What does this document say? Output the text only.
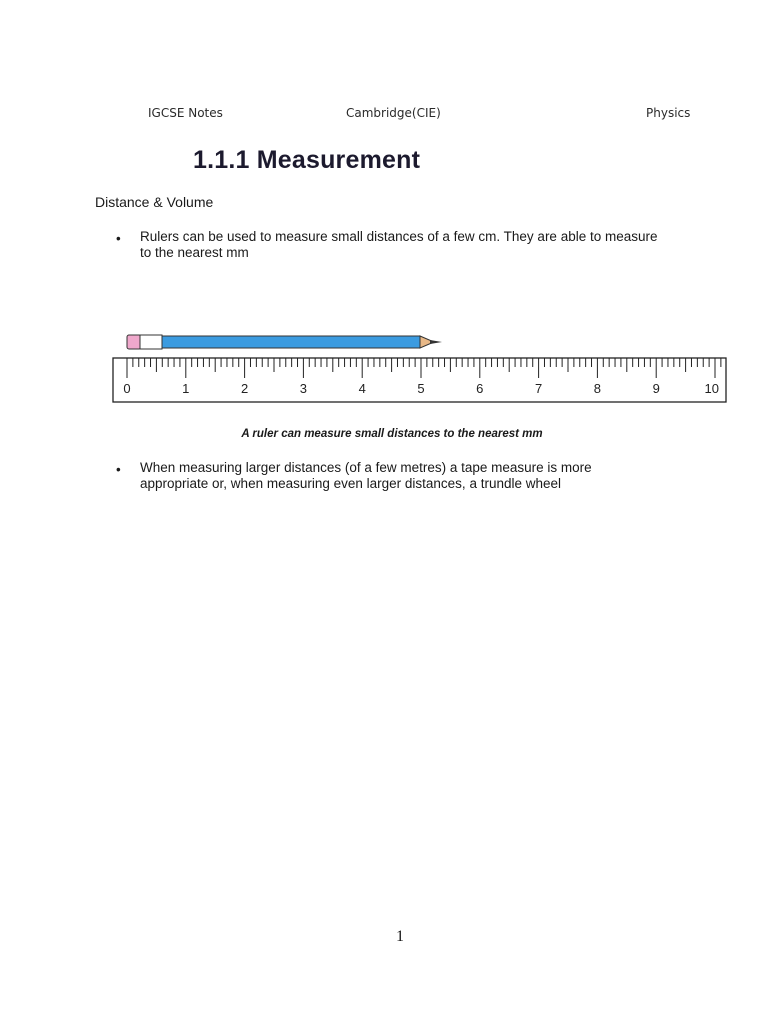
IGCSE Notes	Cambridge(CIE)	Physics
1.1.1 Measurement
Distance & Volume
• Rulers can be used to measure small distances of a few cm. They are able to measure to the nearest mm
0	1	2	3	4	5	6	7	8	9	10
A ruler can measure small distances to the nearest mm
• When measuring larger distances (of a few metres) a tape measure is more appropriate or, when measuring even larger distances, a trundle wheel
1
